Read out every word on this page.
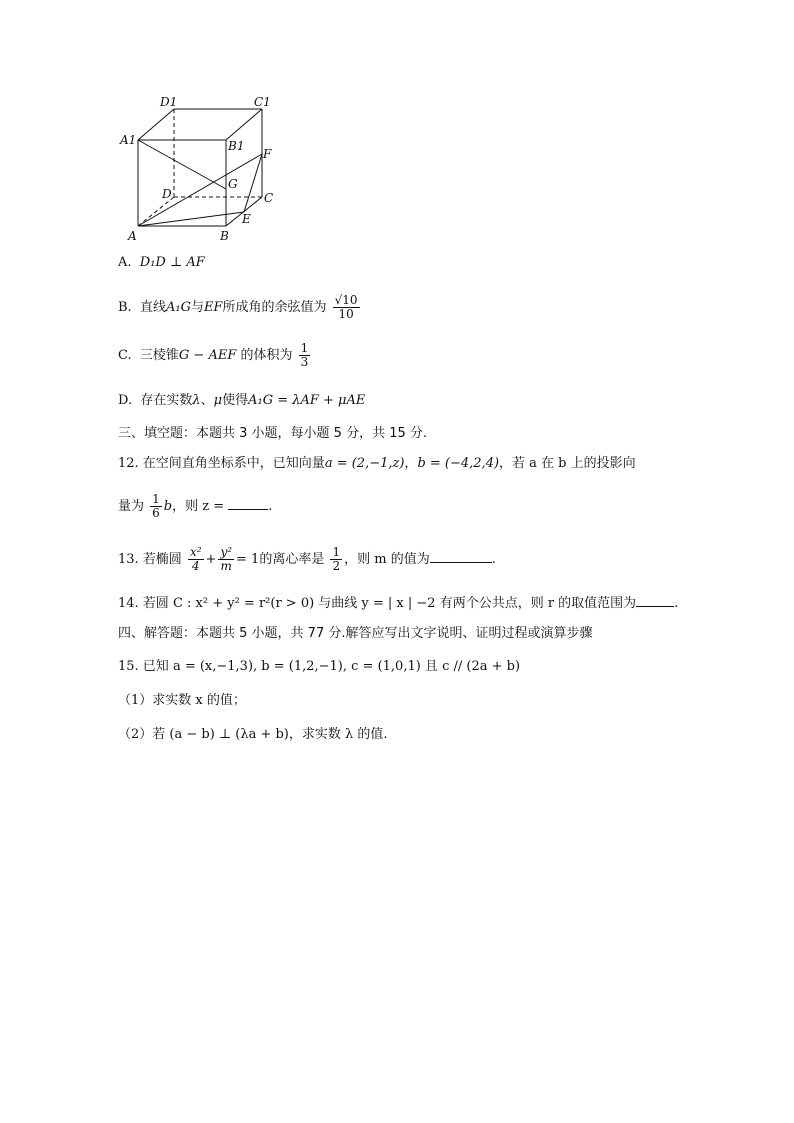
D1	C1
A1	B1
F
G
D	C
E
A	B
A. D₁D ⊥ AF
B. 直线A₁G与EF所成角的余弦值为 $\frac{√10}{10}$
C. 三棱锥G − AEF 的体积为 $\frac{1}{3}$
D. 存在实数λ、μ使得A₁G = λAF + μAE
三、填空题：本题共 3 小题，每小题 5 分，共 15 分.
12. 在空间直角坐标系中，已知向量a = (2,−1,z)，b = (−4,2,4)，若 a 在 b 上的投影向
量为 $\frac{1}{6}$ b，则 z =	.
13. 若椭圆 $\frac{\text{x²}}{4} + \frac{\text{y²}}{m} = 1$的离心率是 $\frac{1}{2}$ ，则 m 的值为	.
14. 若圆 C : x² + y² = r²(r > 0) 与曲线 y = | x | −2 有两个公共点，则 r 的取值范围为	.
四、解答题：本题共 5 小题，共 77 分.解答应写出文字说明、证明过程或演算步骤
15. 已知 a = (x,−1,3), b = (1,2,−1), c = (1,0,1) 且 c // (2a + b)
（1）求实数 x 的值；
（2）若 (a − b) ⊥ (λa + b)，求实数 λ 的值.
